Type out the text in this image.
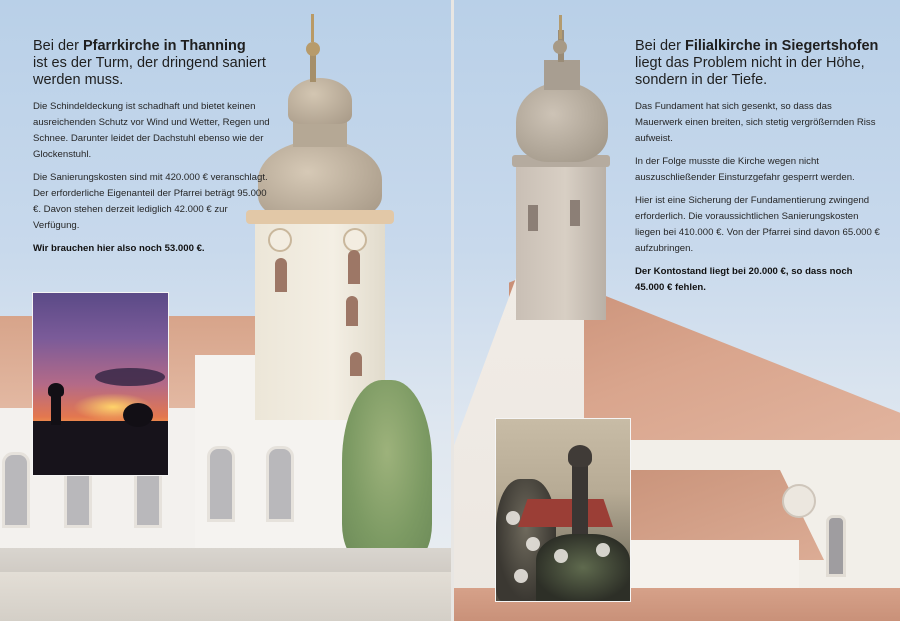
Bei der Pfarrkirche in Thanning
ist es der Turm, der dringend saniert werden muss.

Die Schindeldeckung ist schadhaft und bietet keinen ausreichenden Schutz vor Wind und Wetter, Regen und Schnee. Darunter leidet der Dachstuhl ebenso wie der Glockenstuhl.

Die Sanierungskosten sind mit 420.000 € veranschlagt. Der erforderliche Eigenanteil der Pfarrei beträgt 95.000 €. Davon stehen derzeit lediglich 42.000 € zur Verfügung.

Wir brauchen hier also noch 53.000 €.

Bei der Filialkirche in Siegertshofen
liegt das Problem nicht in der Höhe, sondern in der Tiefe.

Das Fundament hat sich gesenkt, so dass das Mauerwerk einen breiten, sich stetig vergrößernden Riss aufweist.

In der Folge musste die Kirche wegen nicht auszuschließender Einsturzgefahr gesperrt werden.

Hier ist eine Sicherung der Fundamentierung zwingend erforderlich. Die voraussichtlichen Sanierungskosten liegen bei 410.000 €. Von der Pfarrei sind davon 65.000 € aufzubringen.

Der Kontostand liegt bei 20.000 €, so dass noch 45.000 € fehlen.
